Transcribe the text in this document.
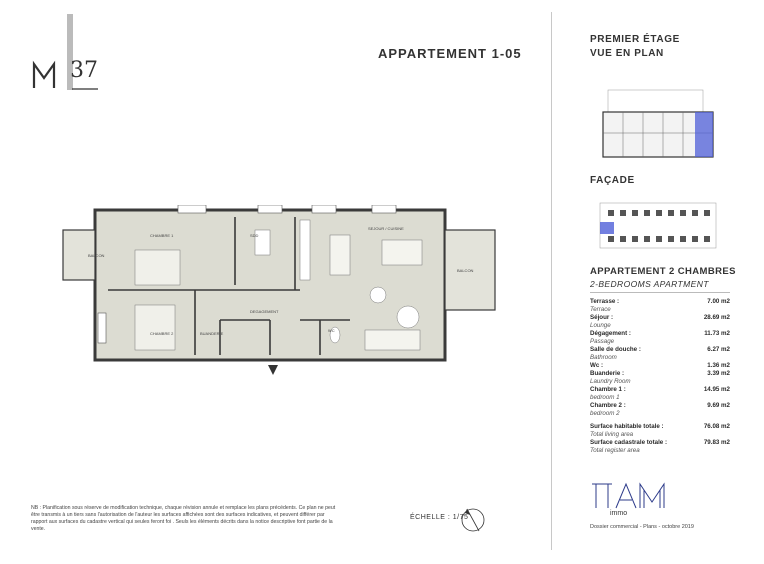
37
APPARTEMENT 1-05
BALCON
CHAMBRE 1	SDD
SEJOUR / CUISINE
BALCON
DEGAGEMENT
CHAMBRE 2	BUANDERIE
WC
NB : Planification sous réserve de modification technique, chaque révision annule et remplace les plans précédents. Ce plan ne peut être transmis à un tiers sans l'autorisation de l'auteur les surfaces affichées sont des surfaces indicatives, et peuvent différer par rapport aux surfaces du cadastre vertical qui seules feront foi . Seuls les éléments décrits dans la notice descriptive font partie de la vente.
ÉCHELLE : 1/75
PREMIER ÉTAGE
VUE EN PLAN
FAÇADE
APPARTEMENT 2 CHAMBRES
2-BEDROOMS APARTMENT
Terrasse :	7.00 m2
Terrace
Séjour :	28.69 m2
Lounge
Dégagement :	11.73 m2
Passage
Salle de douche :	6.27 m2
Bathroom
Wc :	1.36 m2
Buanderie :	3.39 m2
Laundry Room
Chambre 1 :	14.95 m2
bedroom 1
Chambre 2 :	9.69 m2
bedroom 2
Surface habitable totale :	76.08 m2
Total living area
Surface cadastrale totale :	79.83 m2
Total register area
immo
Dossier commercial - Plans - octobre 2019
